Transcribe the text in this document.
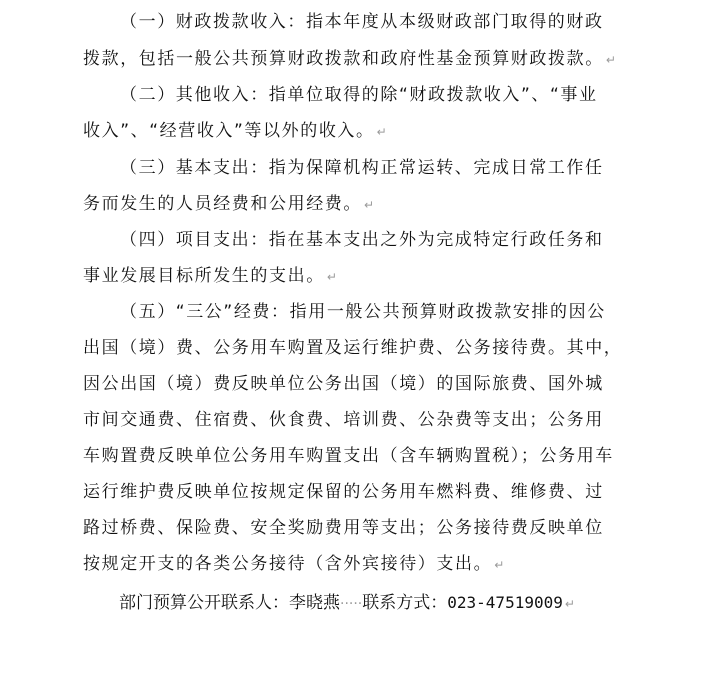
（一）财政拨款收入：指本年度从本级财政部门取得的财政
拨款，包括一般公共预算财政拨款和政府性基金预算财政拨款。 ↵
（二）其他收入：指单位取得的除“财政拨款收入”、“事业
收入”、“经营收入”等以外的收入。 ↵
（三）基本支出：指为保障机构正常运转、完成日常工作任
务而发生的人员经费和公用经费。 ↵
（四）项目支出：指在基本支出之外为完成特定行政任务和
事业发展目标所发生的支出。 ↵
（五）“三公”经费：指用一般公共预算财政拨款安排的因公
出国（境）费、公务用车购置及运行维护费、公务接待费。其中，
因公出国（境）费反映单位公务出国（境）的国际旅费、国外城
市间交通费、住宿费、伙食费、培训费、公杂费等支出；公务用
车购置费反映单位公务用车购置支出（含车辆购置税）；公务用车
运行维护费反映单位按规定保留的公务用车燃料费、维修费、过
路过桥费、保险费、安全奖励费用等支出；公务接待费反映单位
按规定开支的各类公务接待（含外宾接待）支出。 ↵
部门预算公开联系人：李晓燕·····联系方式：023-47519009 ↵
